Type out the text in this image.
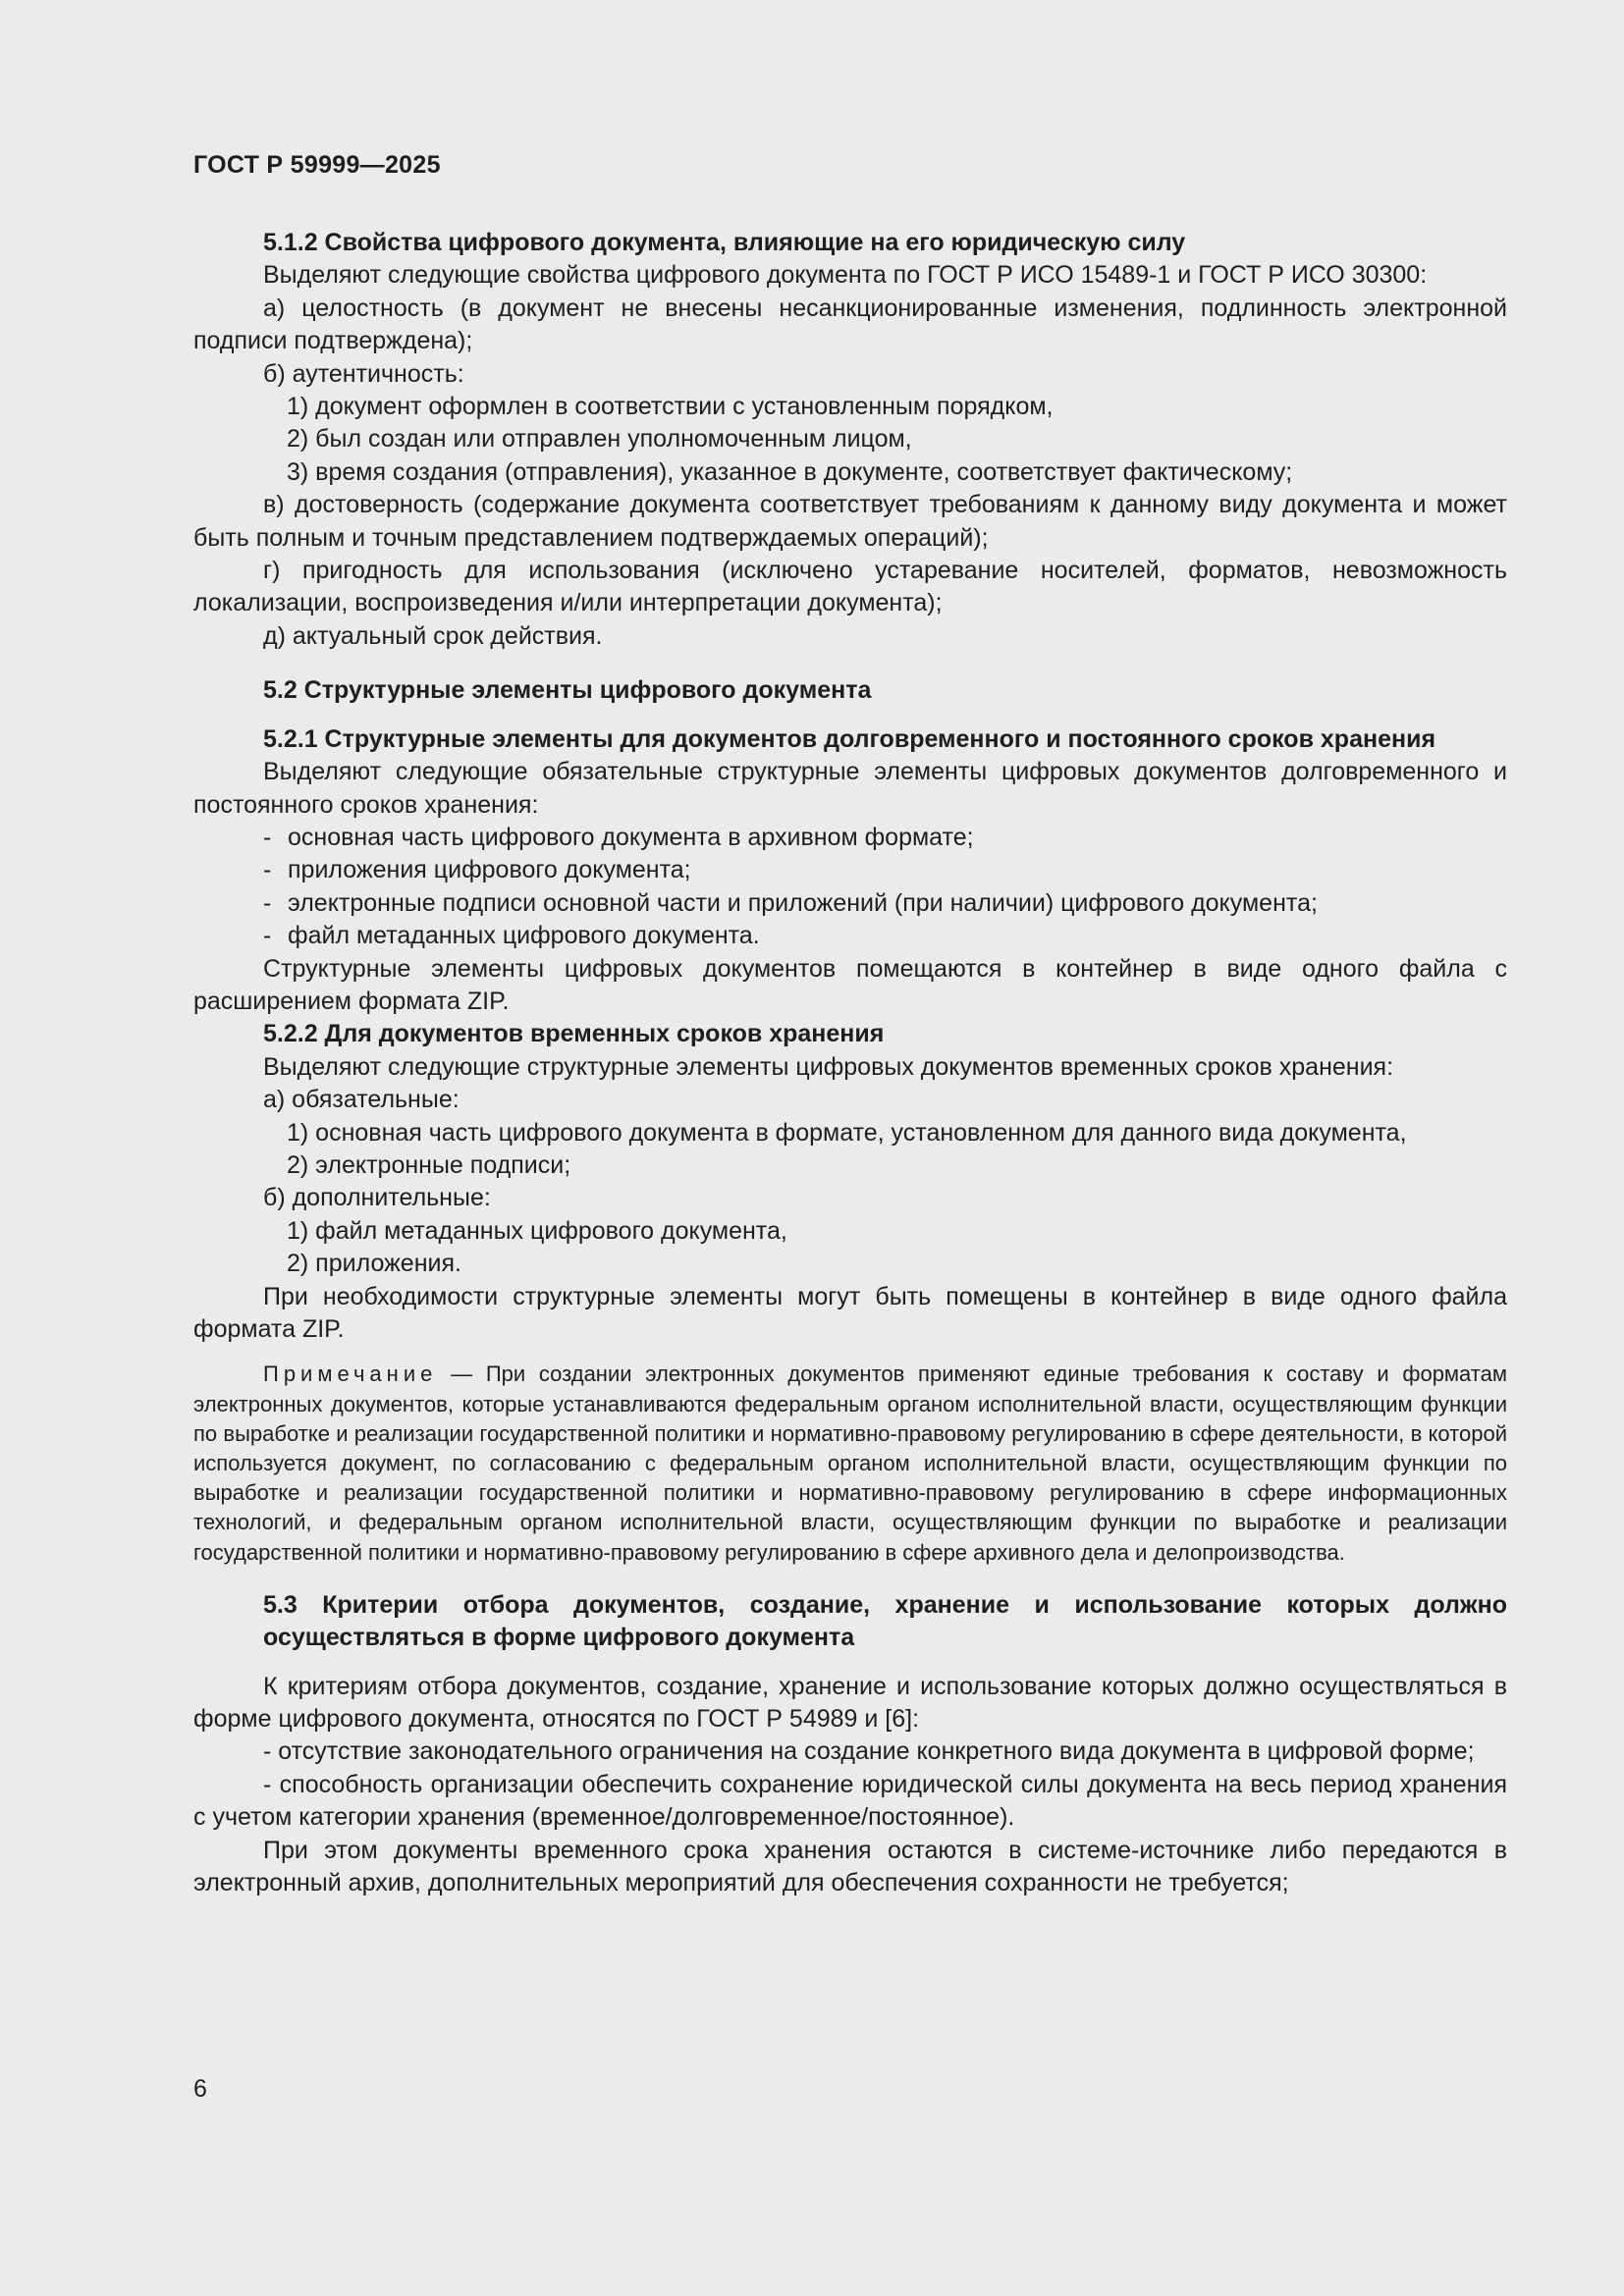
ГОСТ Р 59999—2025

5.1.2 Свойства цифрового документа, влияющие на его юридическую силу

Выделяют следующие свойства цифрового документа по ГОСТ Р ИСО 15489-1 и ГОСТ Р ИСО 30300:

а) целостность (в документ не внесены несанкционированные изменения, подлинность электронной подписи подтверждена);

б) аутентичность:

1) документ оформлен в соответствии с установленным порядком,

2) был создан или отправлен уполномоченным лицом,

3) время создания (отправления), указанное в документе, соответствует фактическому;

в) достоверность (содержание документа соответствует требованиям к данному виду документа и может быть полным и точным представлением подтверждаемых операций);

г) пригодность для использования (исключено устаревание носителей, форматов, невозможность локализации, воспроизведения и/или интерпретации документа);

д) актуальный срок действия.

5.2 Структурные элементы цифрового документа

5.2.1 Структурные элементы для документов долговременного и постоянного сроков хранения

Выделяют следующие обязательные структурные элементы цифровых документов долговременного и постоянного сроков хранения:

- основная часть цифрового документа в архивном формате;

- приложения цифрового документа;

- электронные подписи основной части и приложений (при наличии) цифрового документа;

- файл метаданных цифрового документа.

Структурные элементы цифровых документов помещаются в контейнер в виде одного файла с расширением формата ZIP.

5.2.2 Для документов временных сроков хранения

Выделяют следующие структурные элементы цифровых документов временных сроков хранения:

а) обязательные:

1) основная часть цифрового документа в формате, установленном для данного вида документа,

2) электронные подписи;

б) дополнительные:

1) файл метаданных цифрового документа,

2) приложения.

При необходимости структурные элементы могут быть помещены в контейнер в виде одного файла формата ZIP.

Примечание — При создании электронных документов применяют единые требования к составу и форматам электронных документов, которые устанавливаются федеральным органом исполнительной власти, осуществляющим функции по выработке и реализации государственной политики и нормативно-правовому регулированию в сфере деятельности, в которой используется документ, по согласованию с федеральным органом исполнительной власти, осуществляющим функции по выработке и реализации государственной политики и нормативно-правовому регулированию в сфере информационных технологий, и федеральным органом исполнительной власти, осуществляющим функции по выработке и реализации государственной политики и нормативно-правовому регулированию в сфере архивного дела и делопроизводства.

5.3 Критерии отбора документов, создание, хранение и использование которых должно осуществляться в форме цифрового документа

К критериям отбора документов, создание, хранение и использование которых должно осуществляться в форме цифрового документа, относятся по ГОСТ Р 54989 и [6]:

- отсутствие законодательного ограничения на создание конкретного вида документа в цифровой форме;

- способность организации обеспечить сохранение юридической силы документа на весь период хранения с учетом категории хранения (временное/долговременное/постоянное).

При этом документы временного срока хранения остаются в системе-источнике либо передаются в электронный архив, дополнительных мероприятий для обеспечения сохранности не требуется;

6
